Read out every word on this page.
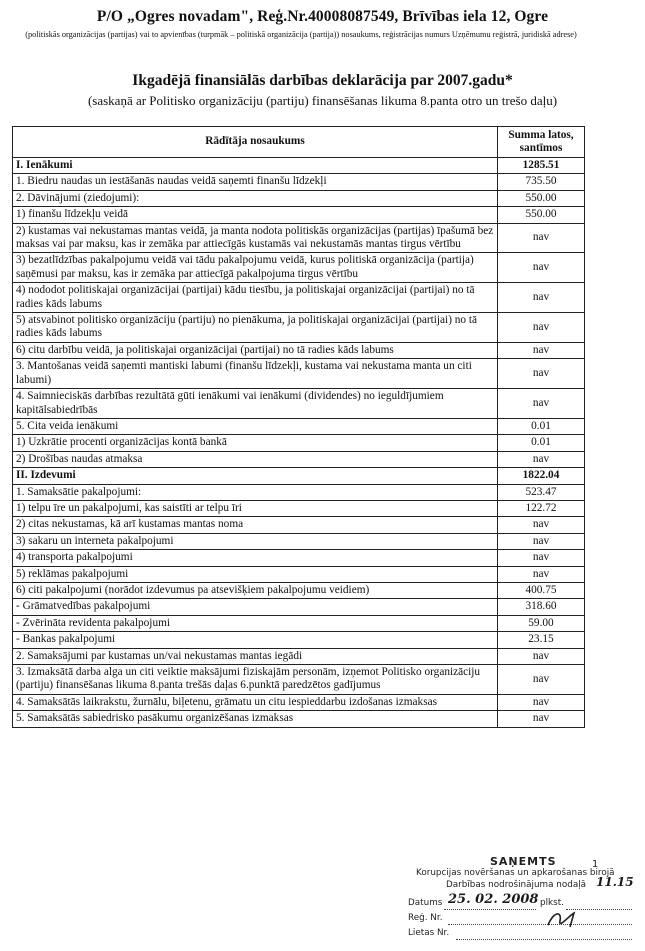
P/O „Ogres novadam", Reģ.Nr.40008087549, Brīvības iela 12, Ogre
(politiskās organizācijas (partijas) vai to apvienības (turpmāk – politiskā organizācija (partija)) nosaukums, reģistrācijas numurs Uzņēmumu reģistrā, juridiskā adrese)
Ikgadējā finansiālās darbības deklarācija par 2007.gadu*
(saskaņā ar Politisko organizāciju (partiju) finansēšanas likuma 8.panta otro un trešo daļu)
Rādītāja nosaukums	Summa latos, santīmos
I. Ienākumi	1285.51
1. Biedru naudas un iestāšanās naudas veidā saņemti finanšu līdzekļi	735.50
2. Dāvinājumi (ziedojumi):	550.00
1) finanšu līdzekļu veidā	550.00
2) kustamas vai nekustamas mantas veidā, ja manta nodota politiskās organizācijas (partijas) īpašumā bez maksas vai par maksu, kas ir zemāka par attiecīgās kustamās vai nekustamās mantas tirgus vērtību	nav
3) bezatlīdzības pakalpojumu veidā vai tādu pakalpojumu veidā, kurus politiskā organizācija (partija) saņēmusi par maksu, kas ir zemāka par attiecīgā pakalpojuma tirgus vērtību	nav
4) nododot politiskajai organizācijai (partijai) kādu tiesību, ja politiskajai organizācijai (partijai) no tā radies kāds labums	nav
5) atsvabinot politisko organizāciju (partiju) no pienākuma, ja politiskajai organizācijai (partijai) no tā radies kāds labums	nav
6) citu darbību veidā, ja politiskajai organizācijai (partijai) no tā radies kāds labums	nav
3. Mantošanas veidā saņemti mantiski labumi (finanšu līdzekļi, kustama vai nekustama manta un citi labumi)	nav
4. Saimnieciskās darbības rezultātā gūti ienākumi vai ienākumi (dividendes) no ieguldījumiem kapitālsabiedrībās	nav
5. Cita veida ienākumi	0.01
1) Uzkrātie procenti organizācijas kontā bankā	0.01
2) Drošības naudas atmaksa	nav
II. Izdevumi	1822.04
1. Samaksātie pakalpojumi:	523.47
1) telpu īre un pakalpojumi, kas saistīti ar telpu īri	122.72
2) citas nekustamas, kā arī kustamas mantas noma	nav
3) sakaru un interneta pakalpojumi	nav
4) transporta pakalpojumi	nav
5) reklāmas pakalpojumi	nav
6) citi pakalpojumi (norādot izdevumus pa atsevišķiem pakalpojumu veidiem)	400.75
- Grāmatvedības pakalpojumi	318.60
- Zvērināta revidenta pakalpojumi	59.00
- Bankas pakalpojumi	23.15
2. Samaksājumi par kustamas un/vai nekustamas mantas iegādi	nav
3. Izmaksātā darba alga un citi veiktie maksājumi fiziskajām personām, izņemot Politisko organizāciju (partiju) finansēšanas likuma 8.panta trešās daļas 6.punktā paredzētos gadījumus	nav
4. Samaksātās laikrakstu, žurnālu, biļetenu, grāmatu un citu iespieddarbu izdošanas izmaksas	nav
5. Samaksātās sabiedrisko pasākumu organizēšanas izmaksas	nav
SAŅEMTS	1
Korupcijas novēršanas un apkarošanas birojā
Darbības nodrošinājuma nodaļā
Datums	plkst.
Reģ. Nr.
Lietas Nr.
25. 02. 2008
11.15
